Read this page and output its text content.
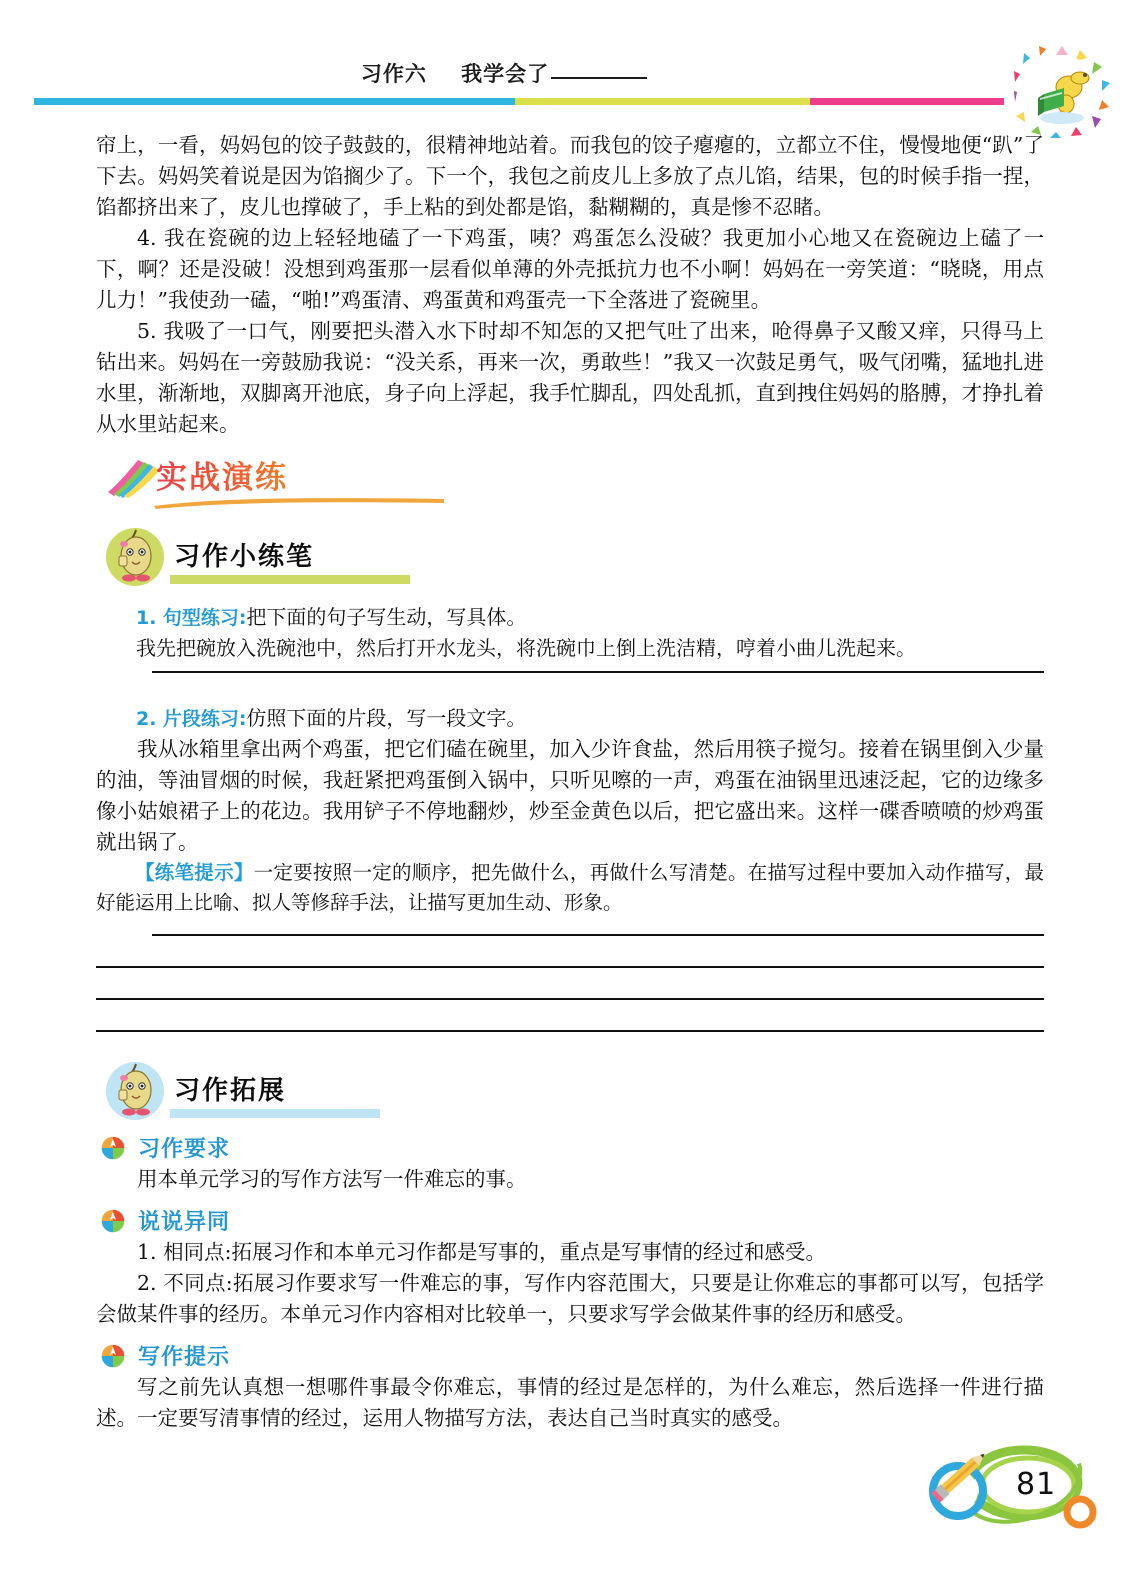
习作六 我学会了

帘上，一看，妈妈包的饺子鼓鼓的，很精神地站着。而我包的饺子瘪瘪的，立都立不住，慢慢地便“趴”了下去。妈妈笑着说是因为馅搁少了。下一个，我包之前皮儿上多放了点儿馅，结果，包的时候手指一捏，馅都挤出来了，皮儿也撑破了，手上粘的到处都是馅，黏糊糊的，真是惨不忍睹。

4. 我在瓷碗的边上轻轻地磕了一下鸡蛋，咦？鸡蛋怎么没破？我更加小心地又在瓷碗边上磕了一下，啊？还是没破！没想到鸡蛋那一层看似单薄的外壳抵抗力也不小啊！妈妈在一旁笑道：“晓晓，用点儿力！”我使劲一磕，“啪!”鸡蛋清、鸡蛋黄和鸡蛋壳一下全落进了瓷碗里。

5. 我吸了一口气，刚要把头潜入水下时却不知怎的又把气吐了出来，呛得鼻子又酸又痒，只得马上钻出来。妈妈在一旁鼓励我说：“没关系，再来一次，勇敢些！”我又一次鼓足勇气，吸气闭嘴，猛地扎进水里，渐渐地，双脚离开池底，身子向上浮起，我手忙脚乱，四处乱抓，直到拽住妈妈的胳膊，才挣扎着从水里站起来。

实战演练
习作小练笔

1. 句型练习:把下面的句子写生动，写具体。

我先把碗放入洗碗池中，然后打开水龙头，将洗碗巾上倒上洗洁精，哼着小曲儿洗起来。

2. 片段练习:仿照下面的片段，写一段文字。

我从冰箱里拿出两个鸡蛋，把它们磕在碗里，加入少许食盐，然后用筷子搅匀。接着在锅里倒入少量的油，等油冒烟的时候，我赶紧把鸡蛋倒入锅中，只听见嚓的一声，鸡蛋在油锅里迅速泛起，它的边缘多像小姑娘裙子上的花边。我用铲子不停地翻炒，炒至金黄色以后，把它盛出来。这样一碟香喷喷的炒鸡蛋就出锅了。

【练笔提示】一定要按照一定的顺序，把先做什么，再做什么写清楚。在描写过程中要加入动作描写，最好能运用上比喻、拟人等修辞手法，让描写更加生动、形象。

习作拓展
习作要求

用本单元学习的写作方法写一件难忘的事。

说说异同

1. 相同点:拓展习作和本单元习作都是写事的，重点是写事情的经过和感受。

2. 不同点:拓展习作要求写一件难忘的事，写作内容范围大，只要是让你难忘的事都可以写，包括学会做某件事的经历。本单元习作内容相对比较单一，只要求写学会做某件事的经历和感受。

写作提示

写之前先认真想一想哪件事最令你难忘，事情的经过是怎样的，为什么难忘，然后选择一件进行描述。一定要写清事情的经过，运用人物描写方法，表达自己当时真实的感受。

81
